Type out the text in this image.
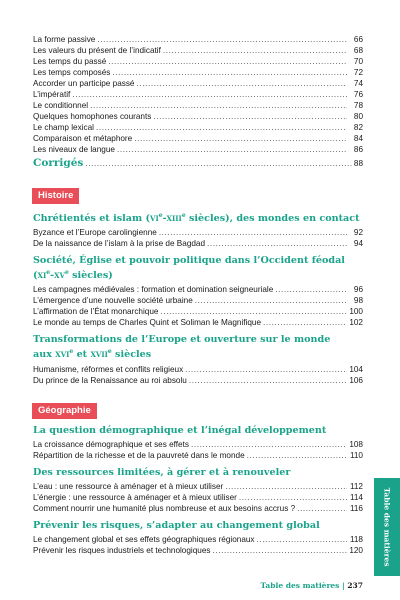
La forme passive .....	66
Les valeurs du présent de l’indicatif .....	68
Les temps du passé .....	70
Les temps composés .....	72
Accorder un participe passé .....	74
L’impératif .....	76
Le conditionnel .....	78
Quelques homophones courants .....	80
Le champ lexical .....	82
Comparaison et métaphore .....	84
Les niveaux de langue .....	86
Corrigés .....	88
Histoire
Chrétientés et islam ($vi^e-xiii^e$ siècles), des mondes en contact
Byzance et l’Europe carolingienne .....	92
De la naissance de l’islam à la prise de Bagdad .....	94
Société, Église et pouvoir politique dans l’Occident féodal
($xi^e-xv^e$ siècles)
Les campagnes médiévales : formation et domination seigneuriale .....	96
L’émergence d’une nouvelle société urbaine .....	98
L’affirmation de l’État monarchique .....	100
Le monde au temps de Charles Quint et Soliman le Magnifique .....	102
Transformations de l’Europe et ouverture sur le monde
aux xvi$^e$ et xvii$^e$ siècles
Humanisme, réformes et conflits religieux .....	104
Du prince de la Renaissance au roi absolu .....	106
Géographie
La question démographique et l’inégal développement
La croissance démographique et ses effets .....	108
Répartition de la richesse et de la pauvreté dans le monde .....	110
Des ressources limitées, à gérer et à renouveler
L’eau : une ressource à aménager et à mieux utiliser .....	112
L’énergie : une ressource à aménager et à mieux utiliser .....	114
Comment nourrir une humanité plus nombreuse et aux besoins accrus ? .....	116
Prévenir les risques, s’adapter au changement global
Le changement global et ses effets géographiques régionaux .....	118
Prévenir les risques industriels et technologiques .....	120	Table des matières
Table des matières | 237
